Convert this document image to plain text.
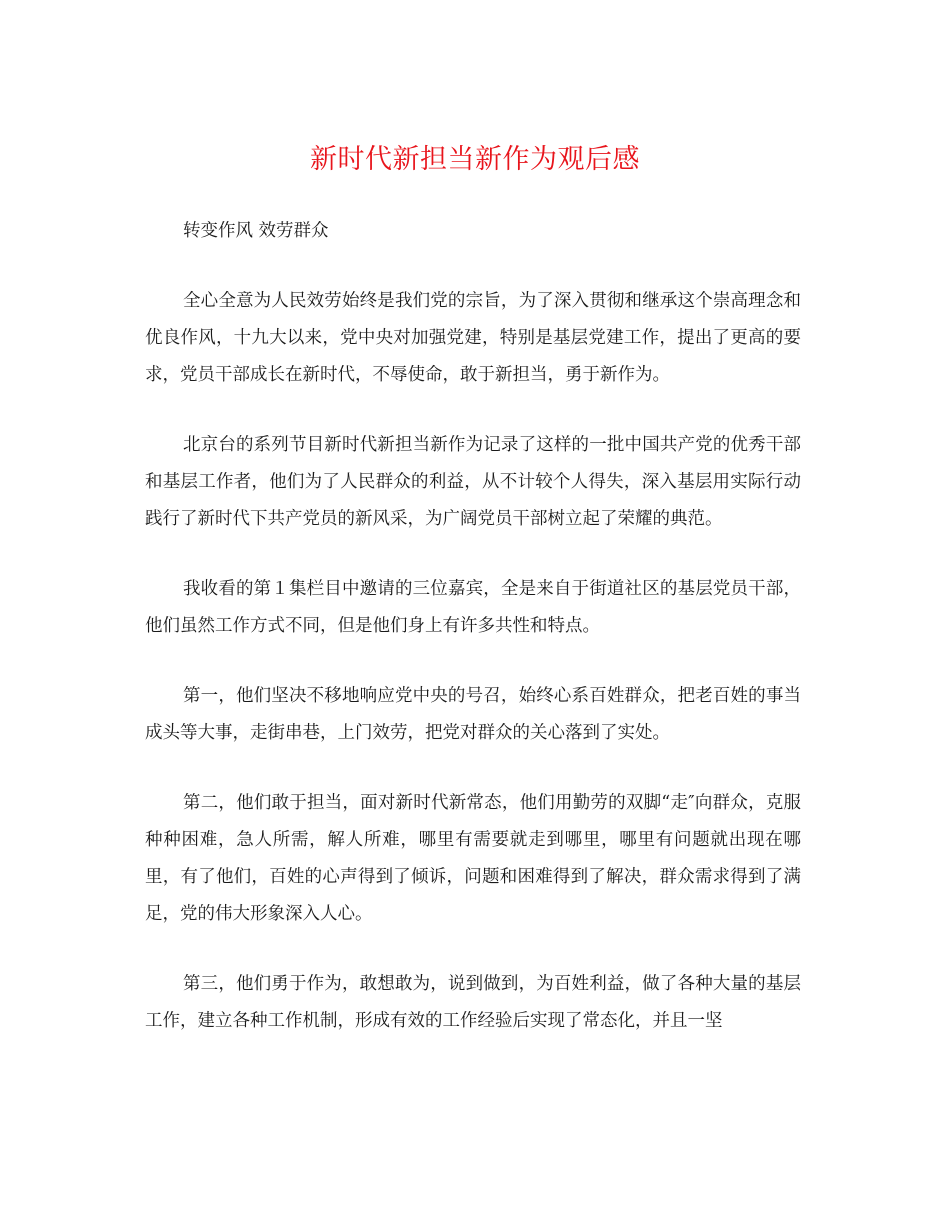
新时代新担当新作为观后感

转变作风 效劳群众

全心全意为人民效劳始终是我们党的宗旨，为了深入贯彻和继承这个崇高理念和优良作风，十九大以来，党中央对加强党建，特别是基层党建工作，提出了更高的要求，党员干部成长在新时代，不辱使命，敢于新担当，勇于新作为。

北京台的系列节目新时代新担当新作为记录了这样的一批中国共产党的优秀干部和基层工作者，他们为了人民群众的利益，从不计较个人得失，深入基层用实际行动践行了新时代下共产党员的新风采，为广阔党员干部树立起了荣耀的典范。

我收看的第１集栏目中邀请的三位嘉宾，全是来自于街道社区的基层党员干部，他们虽然工作方式不同，但是他们身上有许多共性和特点。

第一，他们坚决不移地响应党中央的号召，始终心系百姓群众，把老百姓的事当成头等大事，走街串巷，上门效劳，把党对群众的关心落到了实处。

第二，他们敢于担当，面对新时代新常态，他们用勤劳的双脚“走″向群众，克服种种困难，急人所需，解人所难，哪里有需要就走到哪里，哪里有问题就出现在哪里，有了他们，百姓的心声得到了倾诉，问题和困难得到了解决，群众需求得到了满足，党的伟大形象深入人心。

第三，他们勇于作为，敢想敢为，说到做到，为百姓利益，做了各种大量的基层工作，建立各种工作机制，形成有效的工作经验后实现了常态化，并且一坚
